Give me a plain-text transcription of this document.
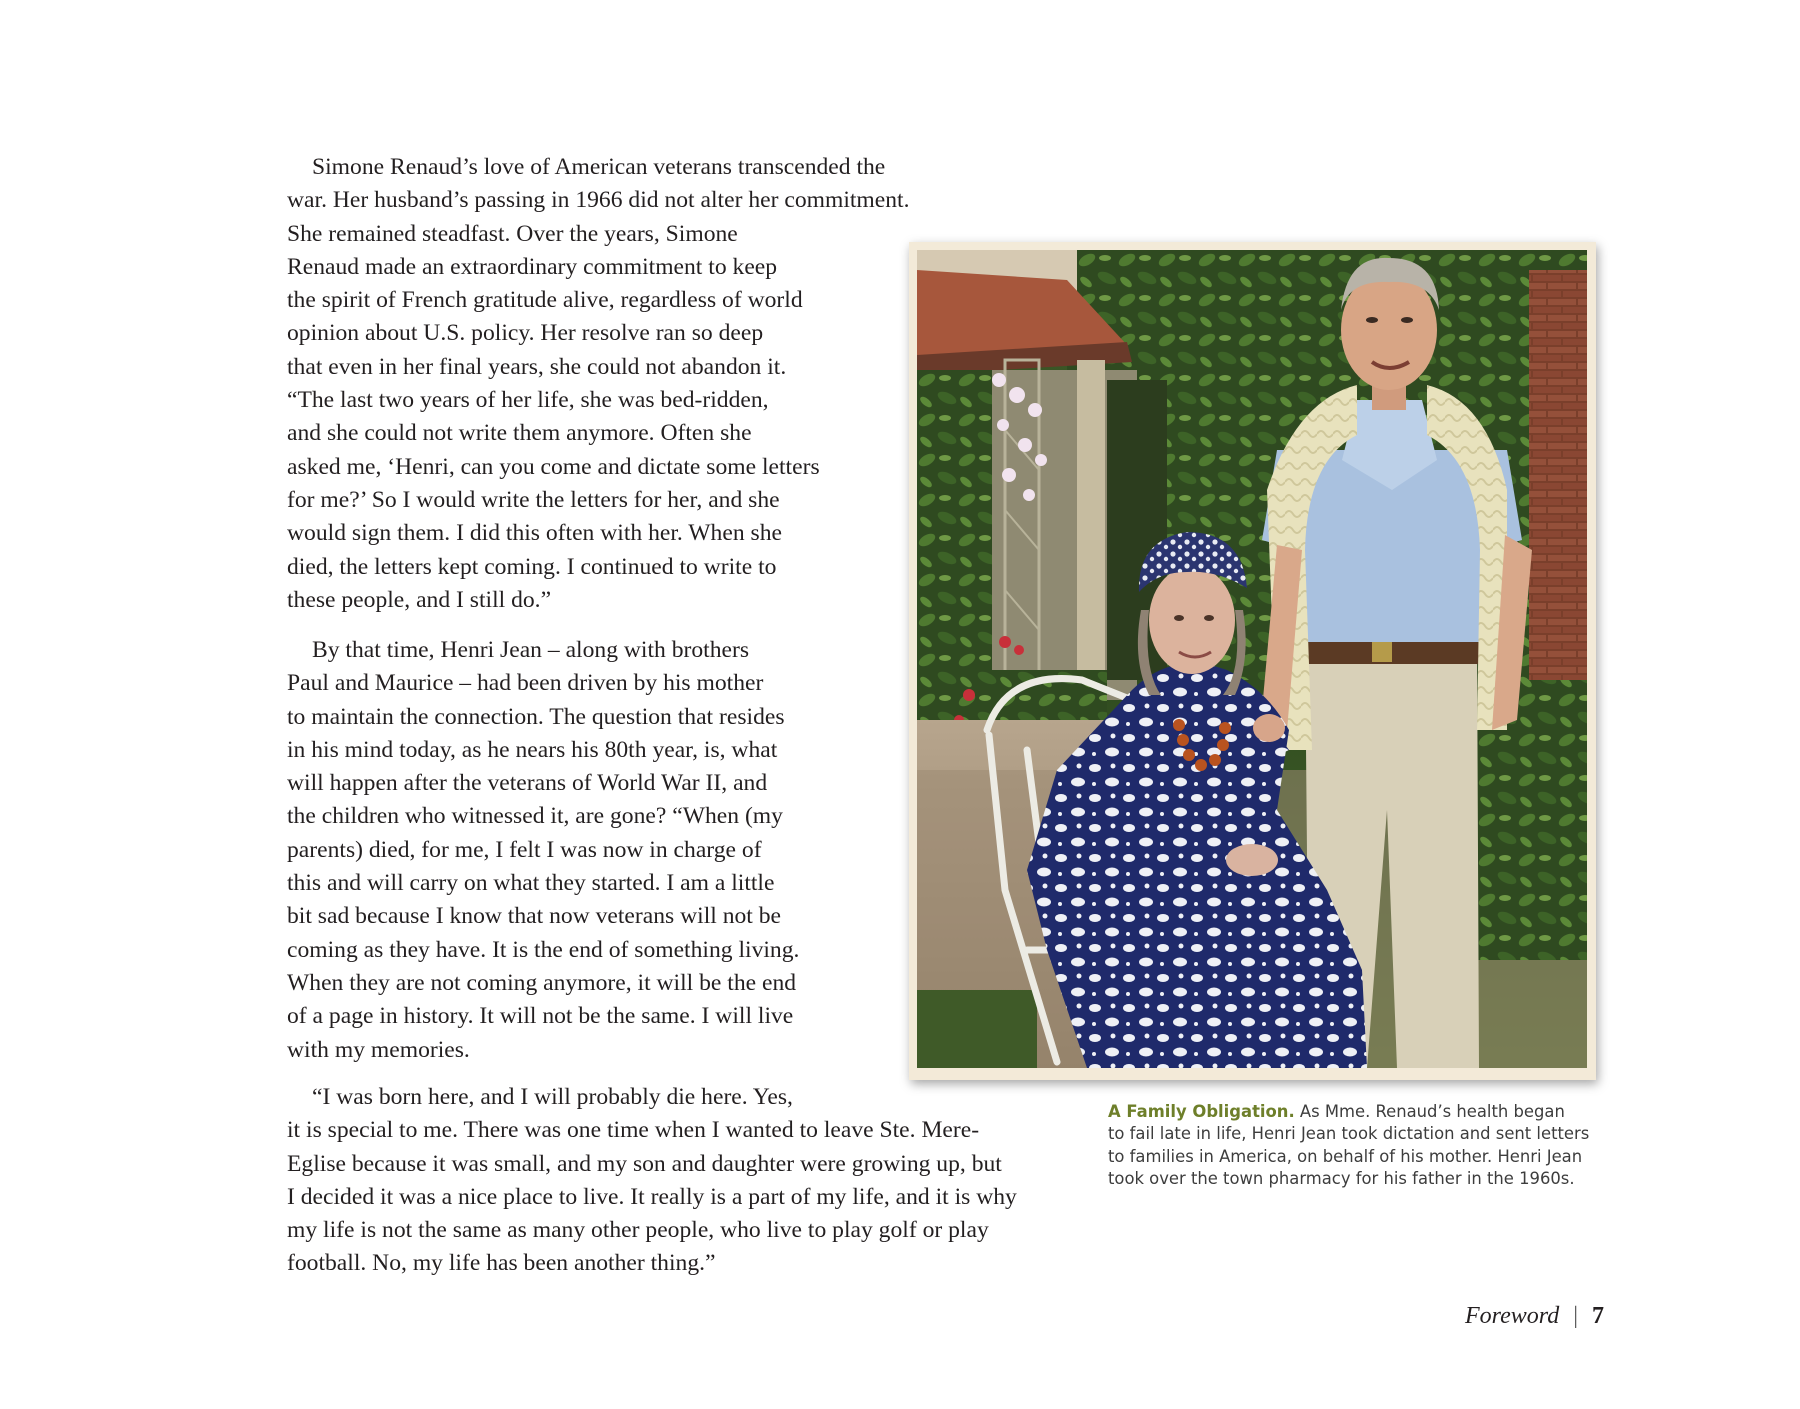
Simone Renaud’s love of American veterans transcended the
war. Her husband’s passing in 1966 did not alter her commitment.
She remained steadfast. Over the years, Simone
Renaud made an extraordinary commitment to keep
the spirit of French gratitude alive, regardless of world
opinion about U.S. policy. Her resolve ran so deep
that even in her final years, she could not abandon it.
“The last two years of her life, she was bed-ridden,
and she could not write them anymore. Often she
asked me, ‘Henri, can you come and dictate some letters
for me?’ So I would write the letters for her, and she
would sign them. I did this often with her. When she
died, the letters kept coming. I continued to write to
these people, and I still do.”

By that time, Henri Jean – along with brothers
Paul and Maurice – had been driven by his mother
to maintain the connection. The question that resides
in his mind today, as he nears his 80th year, is, what
will happen after the veterans of World War II, and
the children who witnessed it, are gone? “When (my
parents) died, for me, I felt I was now in charge of
this and will carry on what they started. I am a little
bit sad because I know that now veterans will not be
coming as they have. It is the end of something living.
When they are not coming anymore, it will be the end
of a page in history. It will not be the same. I will live
with my memories.

“I was born here, and I will probably die here. Yes,
it is special to me. There was one time when I wanted to leave Ste. Mere-
Eglise because it was small, and my son and daughter were growing up, but
I decided it was a nice place to live. It really is a part of my life, and it is why
my life is not the same as many other people, who live to play golf or play
football. No, my life has been another thing.”

A Family Obligation. As Mme. Renaud’s health began
to fail late in life, Henri Jean took dictation and sent letters
to families in America, on behalf of his mother. Henri Jean
took over the town pharmacy for his father in the 1960s.

Foreword | 7
